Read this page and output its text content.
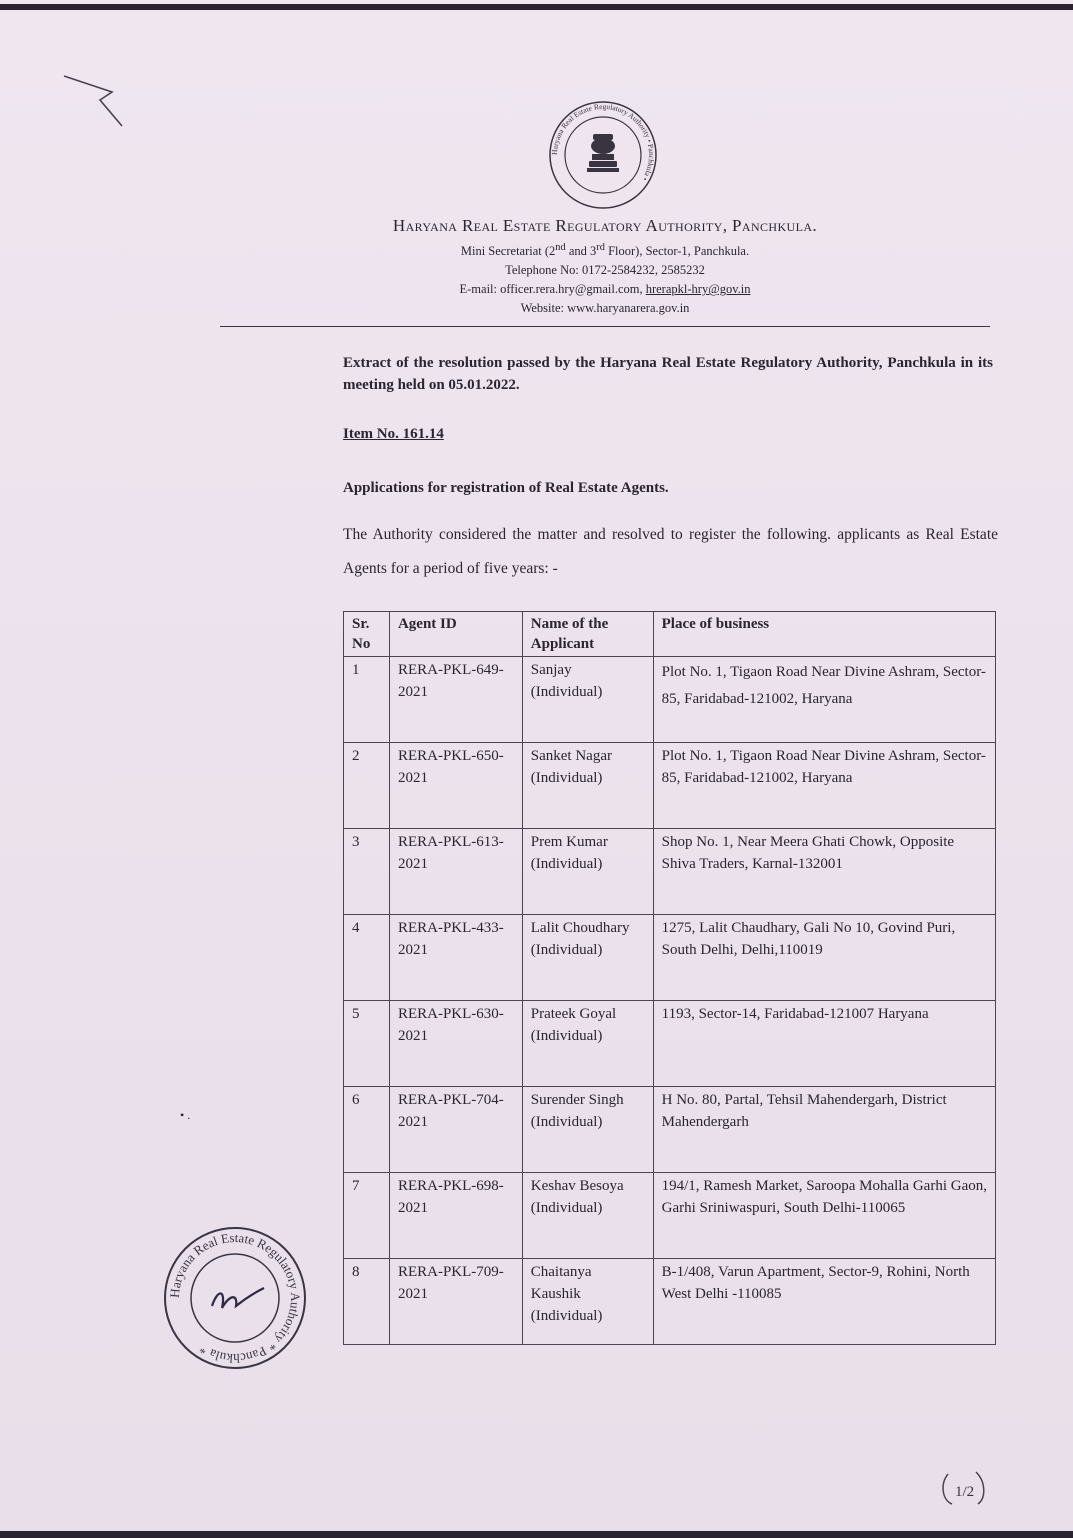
Haryana Real Estate Regulatory Authority • Panchkula •

Haryana Real Estate Regulatory Authority, Panchkula.

Mini Secretariat (2nd and 3rd Floor), Sector-1, Panchkula.

Telephone No: 0172-2584232, 2585232

E-mail: officer.rera.hry@gmail.com, hrerapkl-hry@gov.in

Website: www.haryanarera.gov.in

Extract of the resolution passed by the Haryana Real Estate Regulatory Authority, Panchkula in its meeting held on 05.01.2022.
Item No. 161.14
Applications for registration of Real Estate Agents.
The Authority considered the matter and resolved to register the following. applicants as Real Estate Agents for a period of five years: -
Sr. No	Agent ID	Name of the Applicant	Place of business
1	RERA-PKL-649-2021	Sanjay (Individual)	Plot No. 1, Tigaon Road Near Divine Ashram, Sector-85, Faridabad-121002, Haryana
2	RERA-PKL-650-2021	Sanket Nagar (Individual)	Plot No. 1, Tigaon Road Near Divine Ashram, Sector-85, Faridabad-121002, Haryana
3	RERA-PKL-613-2021	Prem Kumar (Individual)	Shop No. 1, Near Meera Ghati Chowk, Opposite Shiva Traders, Karnal-132001
4	RERA-PKL-433-2021	Lalit Choudhary (Individual)	1275, Lalit Chaudhary, Gali No 10, Govind Puri, South Delhi, Delhi,110019
5	RERA-PKL-630-2021	Prateek Goyal (Individual)	1193, Sector-14, Faridabad-121007 Haryana
6	RERA-PKL-704-2021	Surender Singh (Individual)	H No. 80, Partal, Tehsil Mahendergarh, District Mahendergarh
7	RERA-PKL-698-2021	Keshav Besoya (Individual)	194/1, Ramesh Market, Saroopa Mohalla Garhi Gaon, Garhi Sriniwaspuri, South Delhi-110065
8	RERA-PKL-709-2021	Chaitanya Kaushik (Individual)	B-1/408, Varun Apartment, Sector-9, Rohini, North West Delhi -110085
• .
Haryana Real Estate Regulatory Authority * Panchkula *
1/2
